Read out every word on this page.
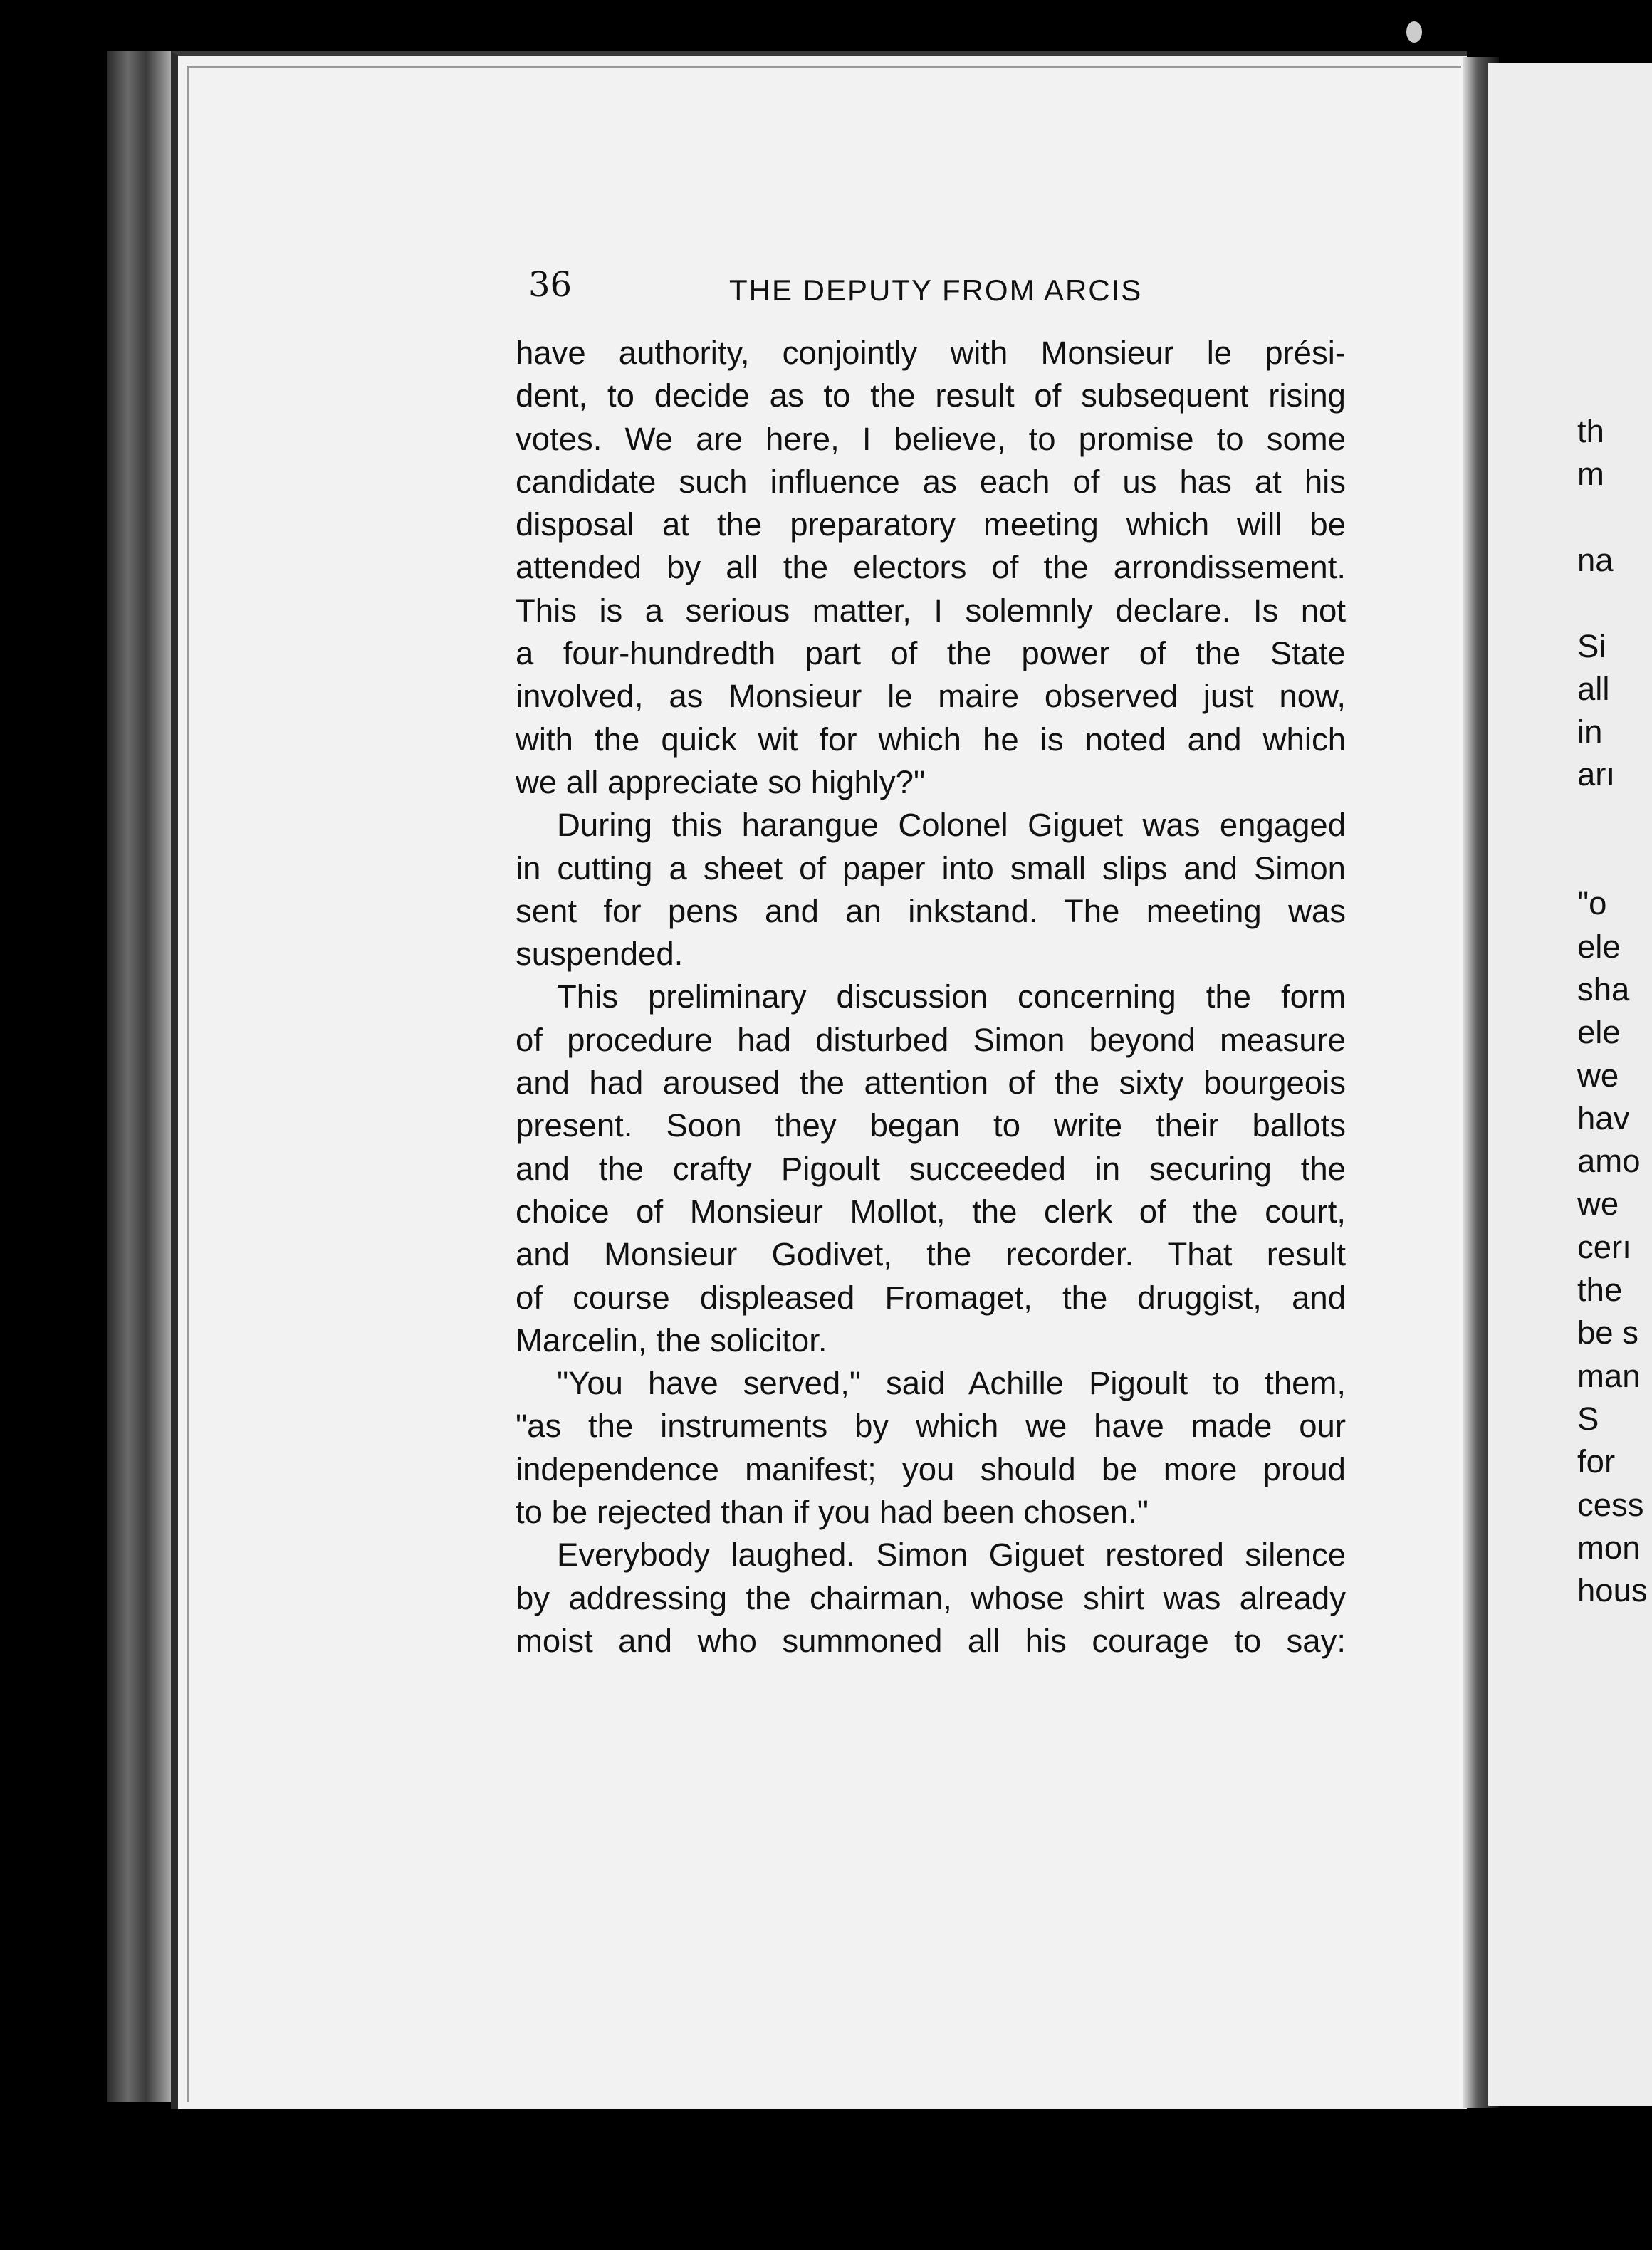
36	THE DEPUTY FROM ARCIS
have authority, conjointly with Monsieur le prési-
dent, to decide as to the result of subsequent rising
votes. We are here, I believe, to promise to some
candidate such influence as each of us has at his
disposal at the preparatory meeting which will be
attended by all the electors of the arrondissement.
This is a serious matter, I solemnly declare. Is not
a four-hundredth part of the power of the State
involved, as Monsieur le maire observed just now,
with the quick wit for which he is noted and which
we all appreciate so highly?"
During this harangue Colonel Giguet was engaged
in cutting a sheet of paper into small slips and Simon
sent for pens and an inkstand. The meeting was
suspended.
This preliminary discussion concerning the form
of procedure had disturbed Simon beyond measure
and had aroused the attention of the sixty bourgeois
present. Soon they began to write their ballots
and the crafty Pigoult succeeded in securing the
choice of Monsieur Mollot, the clerk of the court,
and Monsieur Godivet, the recorder. That result
of course displeased Fromaget, the druggist, and
Marcelin, the solicitor.
"You have served," said Achille Pigoult to them,
"as the instruments by which we have made our
independence manifest; you should be more proud
to be rejected than if you had been chosen."
Everybody laughed. Simon Giguet restored silence
by addressing the chairman, whose shirt was already
moist and who summoned all his courage to say:
th
m
na
Si
all
in
arı
"o
ele
sha
ele
we
hav
amo
we
cerı
the
be s
man
S
for
cess
mon
hous
